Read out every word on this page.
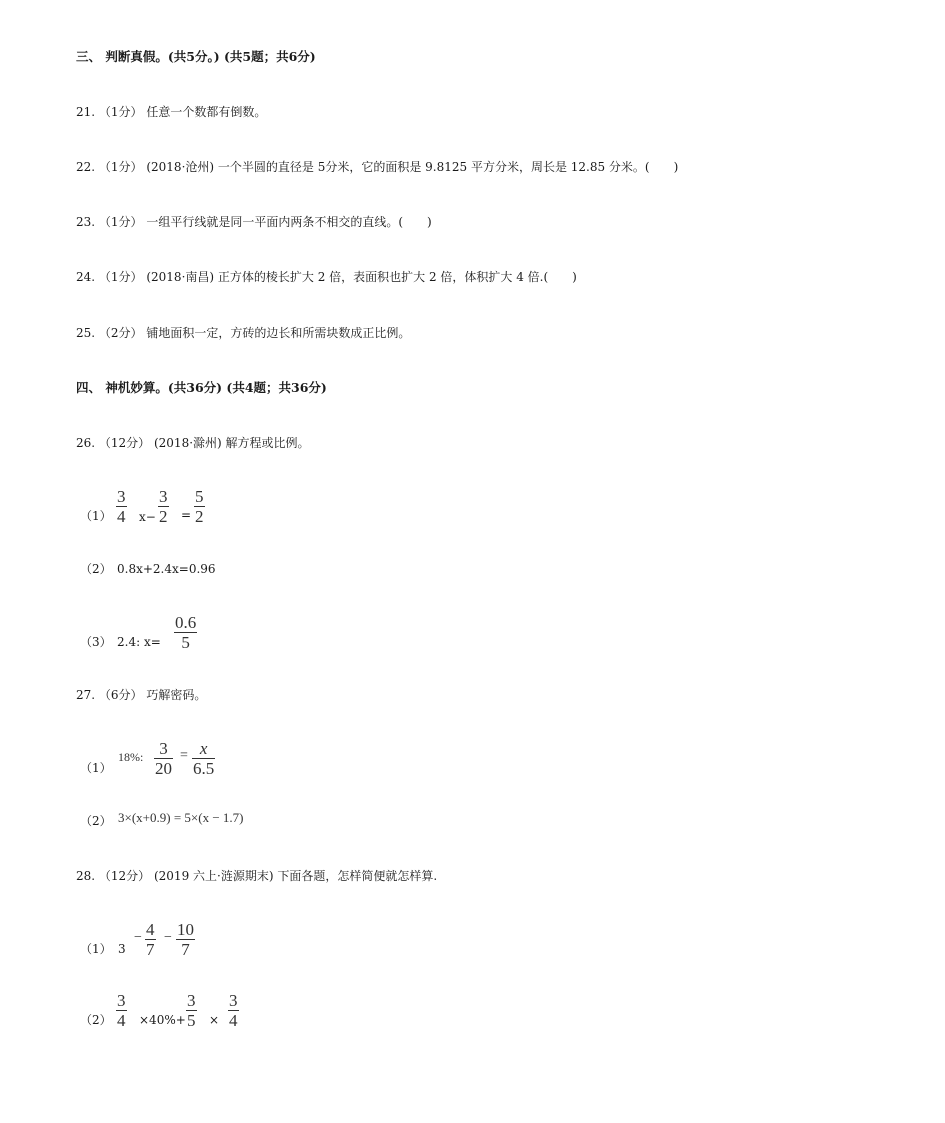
三、 判断真假。(共5分。) (共5题；共6分)
21. （1分） 任意一个数都有倒数。
22. （1分） (2018·沧州) 一个半圆的直径是 5分米，它的面积是 9.8125 平方分米，周长是 12.85 分米。(　　)
23. （1分） 一组平行线就是同一平面内两条不相交的直线。(　　)
24. （1分） (2018·南昌) 正方体的棱长扩大 2 倍，表面积也扩大 2 倍，体积扩大 4 倍.(　　)
25. （2分） 铺地面积一定，方砖的边长和所需块数成正比例。
四、 神机妙算。(共36分) (共4题；共36分)
26. （12分） (2018·滁州) 解方程或比例。
（1）
3
4 x−
3
2 =
5
2
（2） 0.8x+2.4x=0.96
（3） 2.4: x=
0.6
5
27. （6分） 巧解密码。
（1）
18%: 3
20
= x
6.5
（2） 3×(x+0.9) = 5×(x − 1.7)
28. （12分） (2019 六上·涟源期末) 下面各题，怎样简便就怎样算.
（1） 3
− 4
7
− 10
7
（2）
3
4 ×40%+
3
5 ×
3
4
